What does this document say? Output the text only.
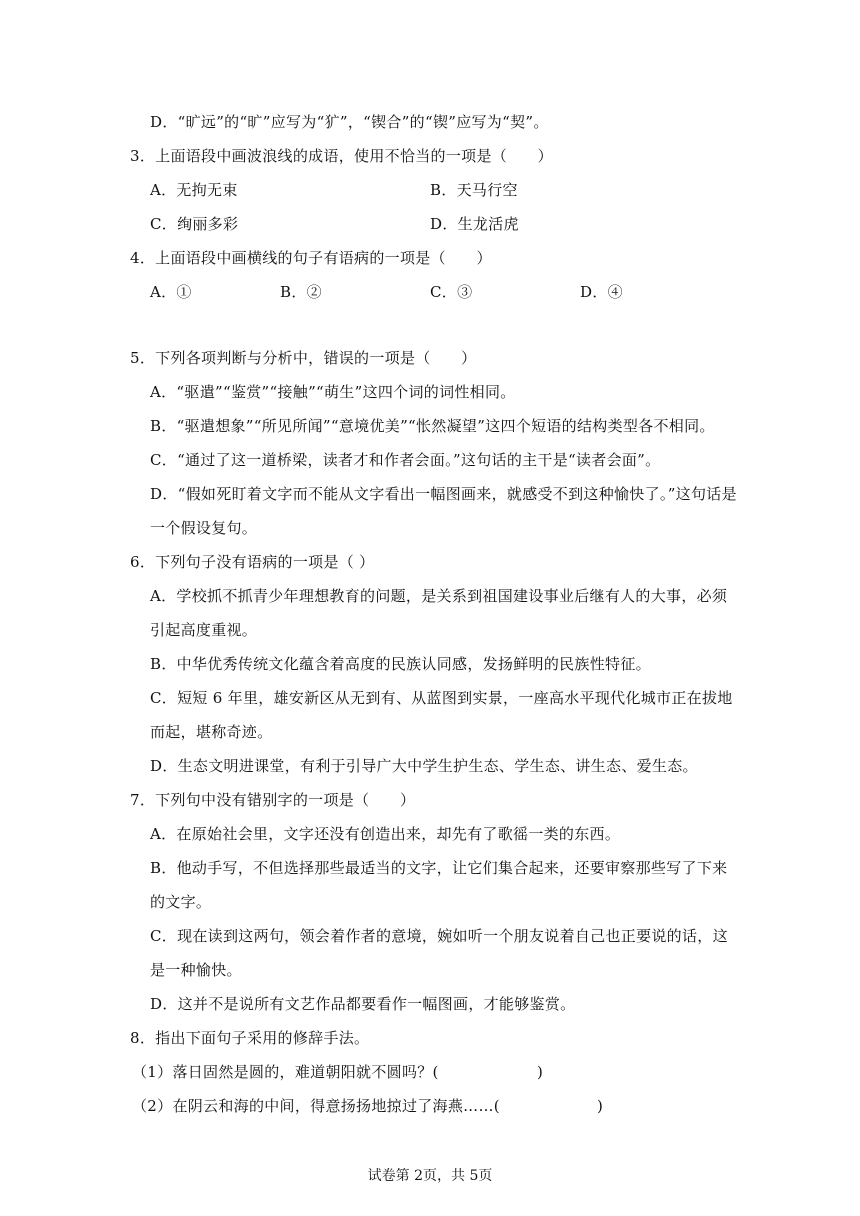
D．“旷远”的“旷”应写为“犷”，“锲合”的“锲”应写为“契”。
3．上面语段中画波浪线的成语，使用不恰当的一项是（　　）
A．无拘无束	B．天马行空
C．绚丽多彩	D．生龙活虎
4．上面语段中画横线的句子有语病的一项是（　　）
A．①	B．②	C．③	D．④
5．下列各项判断与分析中，错误的一项是（　　）
A．“驱遣”“鉴赏”“接触”“萌生”这四个词的词性相同。
B．“驱遣想象”“所见所闻”“意境优美”“怅然凝望”这四个短语的结构类型各不相同。
C．“通过了这一道桥梁，读者才和作者会面。”这句话的主干是“读者会面”。
D．“假如死盯着文字而不能从文字看出一幅图画来，就感受不到这种愉快了。”这句话是
一个假设复句。
6．下列句子没有语病的一项是（ ）
A．学校抓不抓青少年理想教育的问题，是关系到祖国建设事业后继有人的大事，必须
引起高度重视。
B．中华优秀传统文化蕴含着高度的民族认同感，发扬鲜明的民族性特征。
C．短短 6 年里，雄安新区从无到有、从蓝图到实景，一座高水平现代化城市正在拔地
而起，堪称奇迹。
D．生态文明进课堂，有利于引导广大中学生护生态、学生态、讲生态、爱生态。
7．下列句中没有错别字的一项是（　　）
A．在原始社会里，文字还没有创造出来，却先有了歌徭一类的东西。
B．他动手写，不但选择那些最适当的文字，让它们集合起来，还要审察那些写了下来
的文字。
C．现在读到这两句，领会着作者的意境，婉如听一个朋友说着自己也正要说的话，这
是一种愉快。
D．这并不是说所有文艺作品都要看作一幅图画，才能够鉴赏。
8．指出下面句子采用的修辞手法。
（1）落日固然是圆的，难道朝阳就不圆吗？(	)
（2）在阴云和海的中间，得意扬扬地掠过了海燕……(	)
试卷第 2页，共 5页
